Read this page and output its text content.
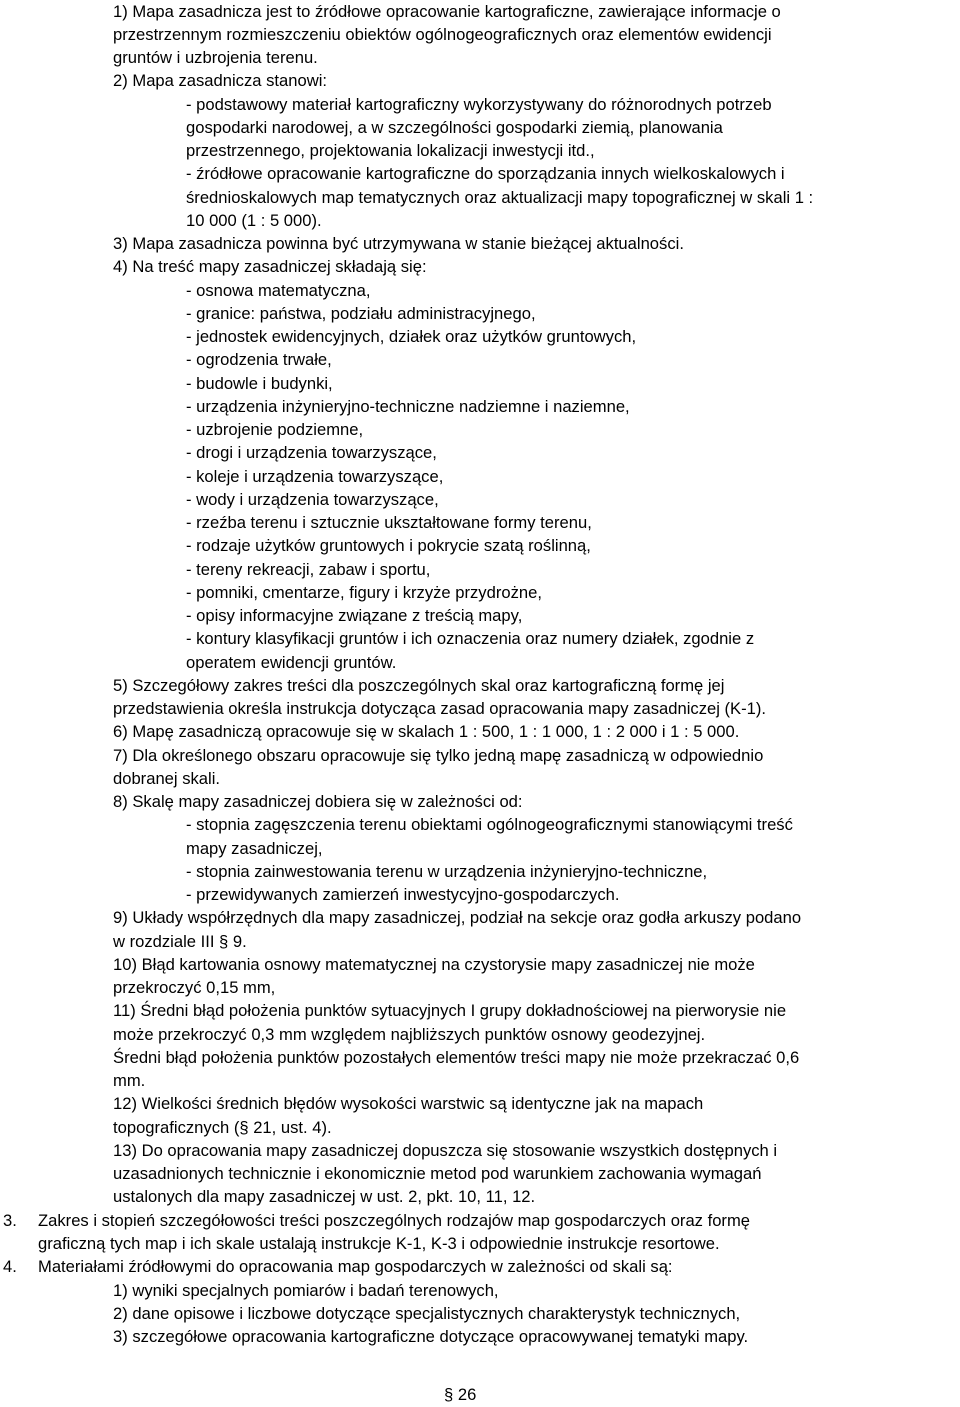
1) Mapa zasadnicza jest to źródłowe opracowanie kartograficzne, zawierające informacje o
przestrzennym rozmieszczeniu obiektów ogólnogeograficznych oraz elementów ewidencji
gruntów i uzbrojenia terenu.
2) Mapa zasadnicza stanowi:
- podstawowy materiał kartograficzny wykorzystywany do różnorodnych potrzeb
gospodarki narodowej, a w szczególności gospodarki ziemią, planowania
przestrzennego, projektowania lokalizacji inwestycji itd.,
- źródłowe opracowanie kartograficzne do sporządzania innych wielkoskalowych i
średnioskalowych map tematycznych oraz aktualizacji mapy topograficznej w skali 1 :
10 000 (1 : 5 000).
3) Mapa zasadnicza powinna być utrzymywana w stanie bieżącej aktualności.
4) Na treść mapy zasadniczej składają się:
- osnowa matematyczna,
- granice: państwa, podziału administracyjnego,
- jednostek ewidencyjnych, działek oraz użytków gruntowych,
- ogrodzenia trwałe,
- budowle i budynki,
- urządzenia inżynieryjno-techniczne nadziemne i naziemne,
- uzbrojenie podziemne,
- drogi i urządzenia towarzyszące,
- koleje i urządzenia towarzyszące,
- wody i urządzenia towarzyszące,
- rzeźba terenu i sztucznie ukształtowane formy terenu,
- rodzaje użytków gruntowych i pokrycie szatą roślinną,
- tereny rekreacji, zabaw i sportu,
- pomniki, cmentarze, figury i krzyże przydrożne,
- opisy informacyjne związane z treścią mapy,
- kontury klasyfikacji gruntów i ich oznaczenia oraz numery działek, zgodnie z
operatem ewidencji gruntów.
5) Szczegółowy zakres treści dla poszczególnych skal oraz kartograficzną formę jej
przedstawienia określa instrukcja dotycząca zasad opracowania mapy zasadniczej (K-1).
6) Mapę zasadniczą opracowuje się w skalach 1 : 500, 1 : 1 000, 1 : 2 000 i 1 : 5 000.
7) Dla określonego obszaru opracowuje się tylko jedną mapę zasadniczą w odpowiednio
dobranej skali.
8) Skalę mapy zasadniczej dobiera się w zależności od:
- stopnia zagęszczenia terenu obiektami ogólnogeograficznymi stanowiącymi treść
mapy zasadniczej,
- stopnia zainwestowania terenu w urządzenia inżynieryjno-techniczne,
- przewidywanych zamierzeń inwestycyjno-gospodarczych.
9) Układy współrzędnych dla mapy zasadniczej, podział na sekcje oraz godła arkuszy podano
w rozdziale III § 9.
10) Błąd kartowania osnowy matematycznej na czystorysie mapy zasadniczej nie może
przekroczyć 0,15 mm,
11) Średni błąd położenia punktów sytuacyjnych I grupy dokładnościowej na pierworysie nie
może przekroczyć 0,3 mm względem najbliższych punktów osnowy geodezyjnej.
Średni błąd położenia punktów pozostałych elementów treści mapy nie może przekraczać 0,6
mm.
12) Wielkości średnich błędów wysokości warstwic są identyczne jak na mapach
topograficznych (§ 21, ust. 4).
13) Do opracowania mapy zasadniczej dopuszcza się stosowanie wszystkich dostępnych i
uzasadnionych technicznie i ekonomicznie metod pod warunkiem zachowania wymagań
ustalonych dla mapy zasadniczej w ust. 2, pkt. 10, 11, 12.
3. Zakres i stopień szczegółowości treści poszczególnych rodzajów map gospodarczych oraz formę
graficzną tych map i ich skale ustalają instrukcje K-1, K-3 i odpowiednie instrukcje resortowe.
4. Materiałami źródłowymi do opracowania map gospodarczych w zależności od skali są:
1) wyniki specjalnych pomiarów i badań terenowych,
2) dane opisowe i liczbowe dotyczące specjalistycznych charakterystyk technicznych,
3) szczegółowe opracowania kartograficzne dotyczące opracowywanej tematyki mapy.
§ 26
